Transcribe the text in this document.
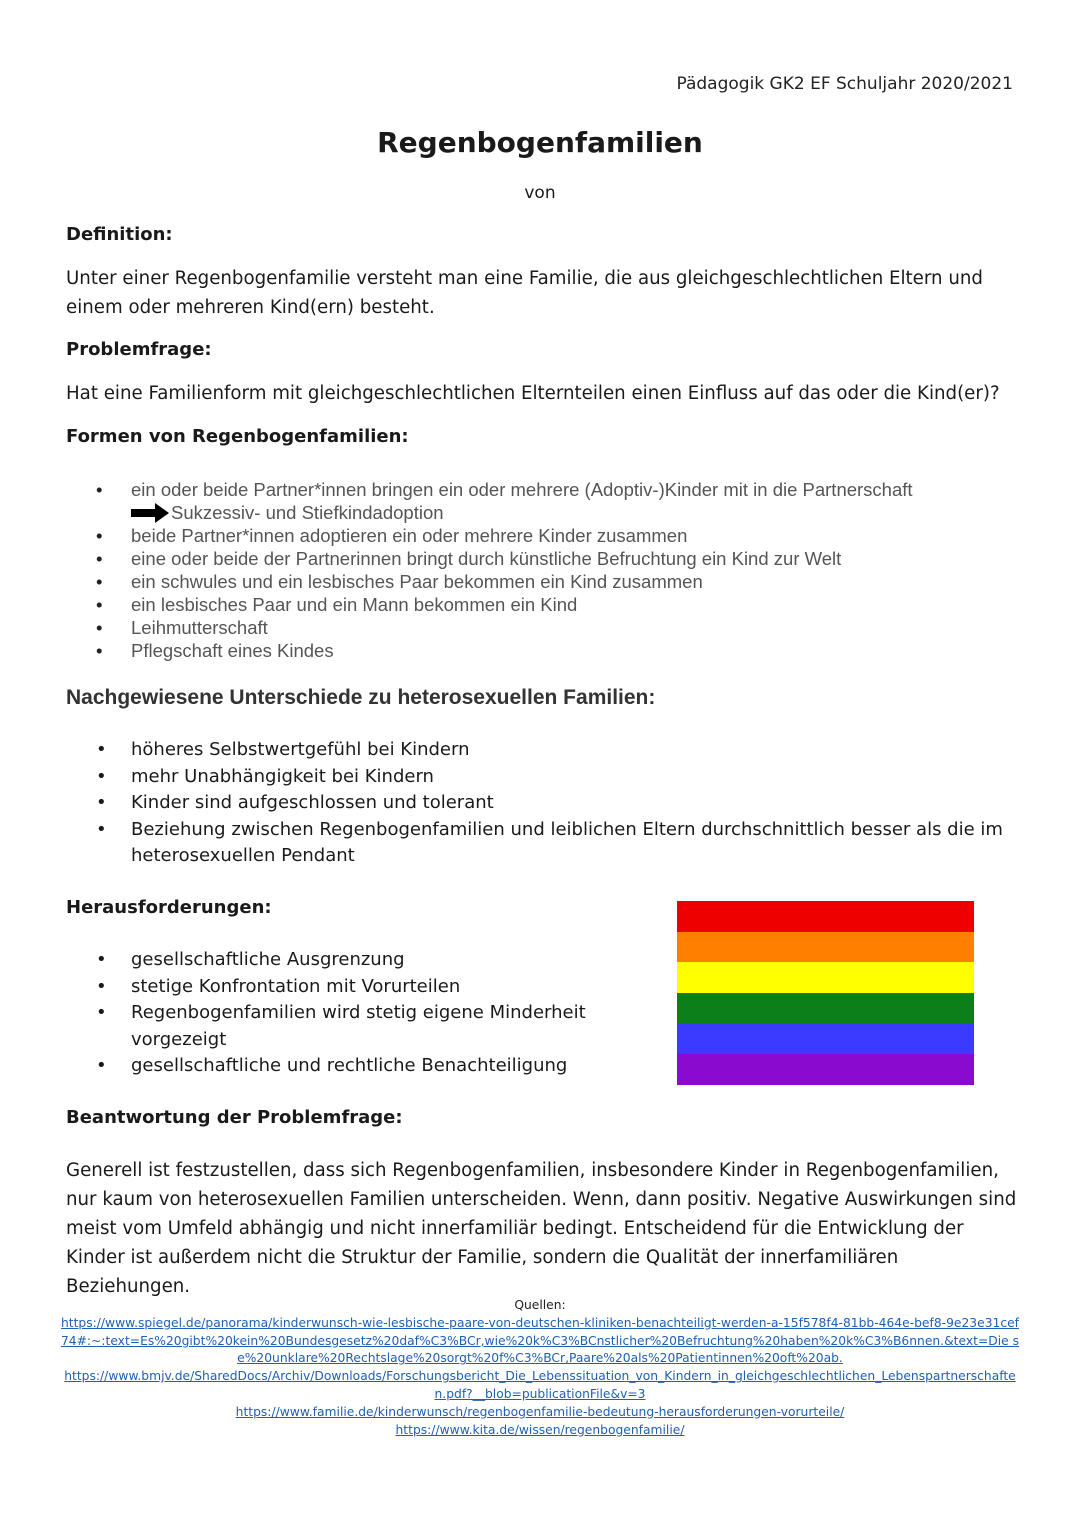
Pädagogik GK2 EF Schuljahr 2020/2021
Regenbogenfamilien
von
Definition:
Unter einer Regenbogenfamilie versteht man eine Familie, die aus gleichgeschlechtlichen Eltern und einem oder mehreren Kind(ern) besteht.
Problemfrage:
Hat eine Familienform mit gleichgeschlechtlichen Elternteilen einen Einfluss auf das oder die Kind(er)?
Formen von Regenbogenfamilien:
• ein oder beide Partner*innen bringen ein oder mehrere (Adoptiv-)Kinder mit in die Partnerschaft
Sukzessiv- und Stiefkindadoption
• beide Partner*innen adoptieren ein oder mehrere Kinder zusammen
• eine oder beide der Partnerinnen bringt durch künstliche Befruchtung ein Kind zur Welt
• ein schwules und ein lesbisches Paar bekommen ein Kind zusammen
• ein lesbisches Paar und ein Mann bekommen ein Kind
• Leihmutterschaft
• Pflegschaft eines Kindes
Nachgewiesene Unterschiede zu heterosexuellen Familien:
• höheres Selbstwertgefühl bei Kindern
• mehr Unabhängigkeit bei Kindern
• Kinder sind aufgeschlossen und tolerant
• Beziehung zwischen Regenbogenfamilien und leiblichen Eltern durchschnittlich besser als die im heterosexuellen Pendant
Herausforderungen:
• gesellschaftliche Ausgrenzung
• stetige Konfrontation mit Vorurteilen
• Regenbogenfamilien wird stetig eigene Minderheit vorgezeigt
• gesellschaftliche und rechtliche Benachteiligung
Beantwortung der Problemfrage:
Generell ist festzustellen, dass sich Regenbogenfamilien, insbesondere Kinder in Regenbogenfamilien, nur kaum von heterosexuellen Familien unterscheiden. Wenn, dann positiv. Negative Auswirkungen sind meist vom Umfeld abhängig und nicht innerfamiliär bedingt. Entscheidend für die Entwicklung der Kinder ist außerdem nicht die Struktur der Familie, sondern die Qualität der innerfamiliären Beziehungen.
Quellen:
https://www.spiegel.de/panorama/kinderwunsch-wie-lesbische-paare-von-deutschen-kliniken-benachteiligt-werden-a-15f578f4-81bb-464e-bef8-9e23e31cef74#:~:text=Es%20gibt%20kein%20Bundesgesetz%20daf%C3%BCr,wie%20k%C3%BCnstlicher%20Befruchtung%20haben%20k%C3%B6nnen.&text=Die se%20unklare%20Rechtslage%20sorgt%20f%C3%BCr,Paare%20als%20Patientinnen%20oft%20ab.
https://www.bmjv.de/SharedDocs/Archiv/Downloads/Forschungsbericht_Die_Lebenssituation_von_Kindern_in_gleichgeschlechtlichen_Lebenspartnerschaften.pdf?__blob=publicationFile&v=3
https://www.familie.de/kinderwunsch/regenbogenfamilie-bedeutung-herausforderungen-vorurteile/
https://www.kita.de/wissen/regenbogenfamilie/
